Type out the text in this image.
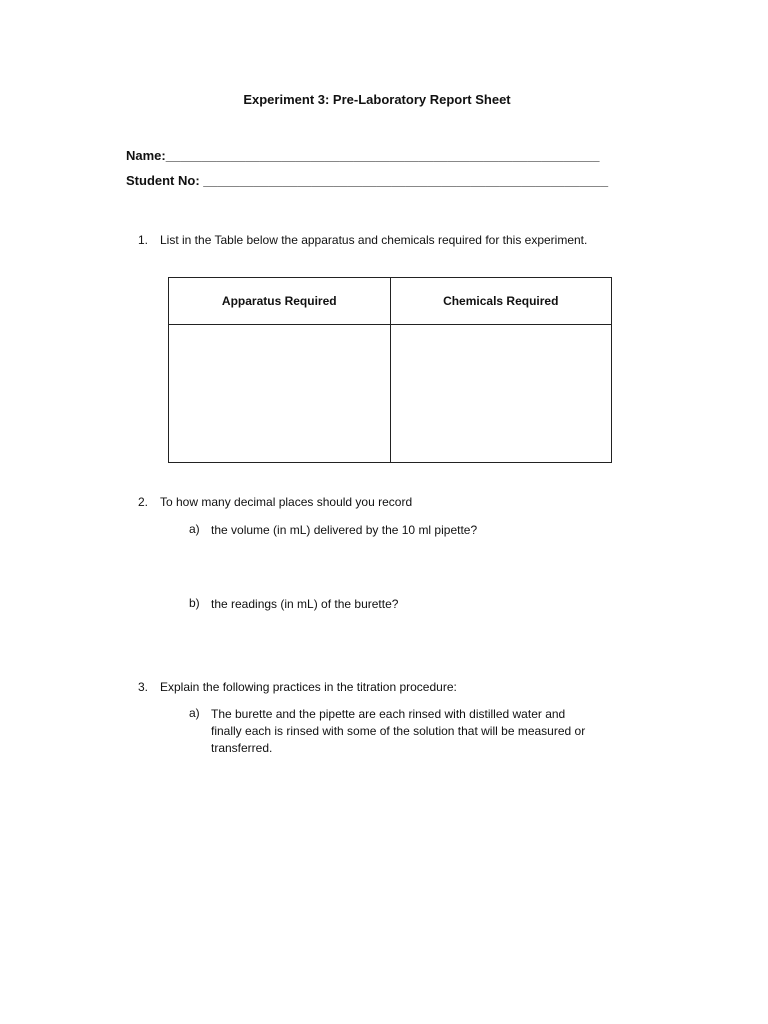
Experiment 3: Pre-Laboratory Report Sheet
Name:____________________________________________________________
Student No: ________________________________________________________
1. List in the Table below the apparatus and chemicals required for this experiment.
Apparatus Required	Chemicals Required

2. To how many decimal places should you record
a) the volume (in mL) delivered by the 10 ml pipette?
b) the readings (in mL) of the burette?
3. Explain the following practices in the titration procedure:
a) The burette and the pipette are each rinsed with distilled water and finally each is rinsed with some of the solution that will be measured or transferred.
